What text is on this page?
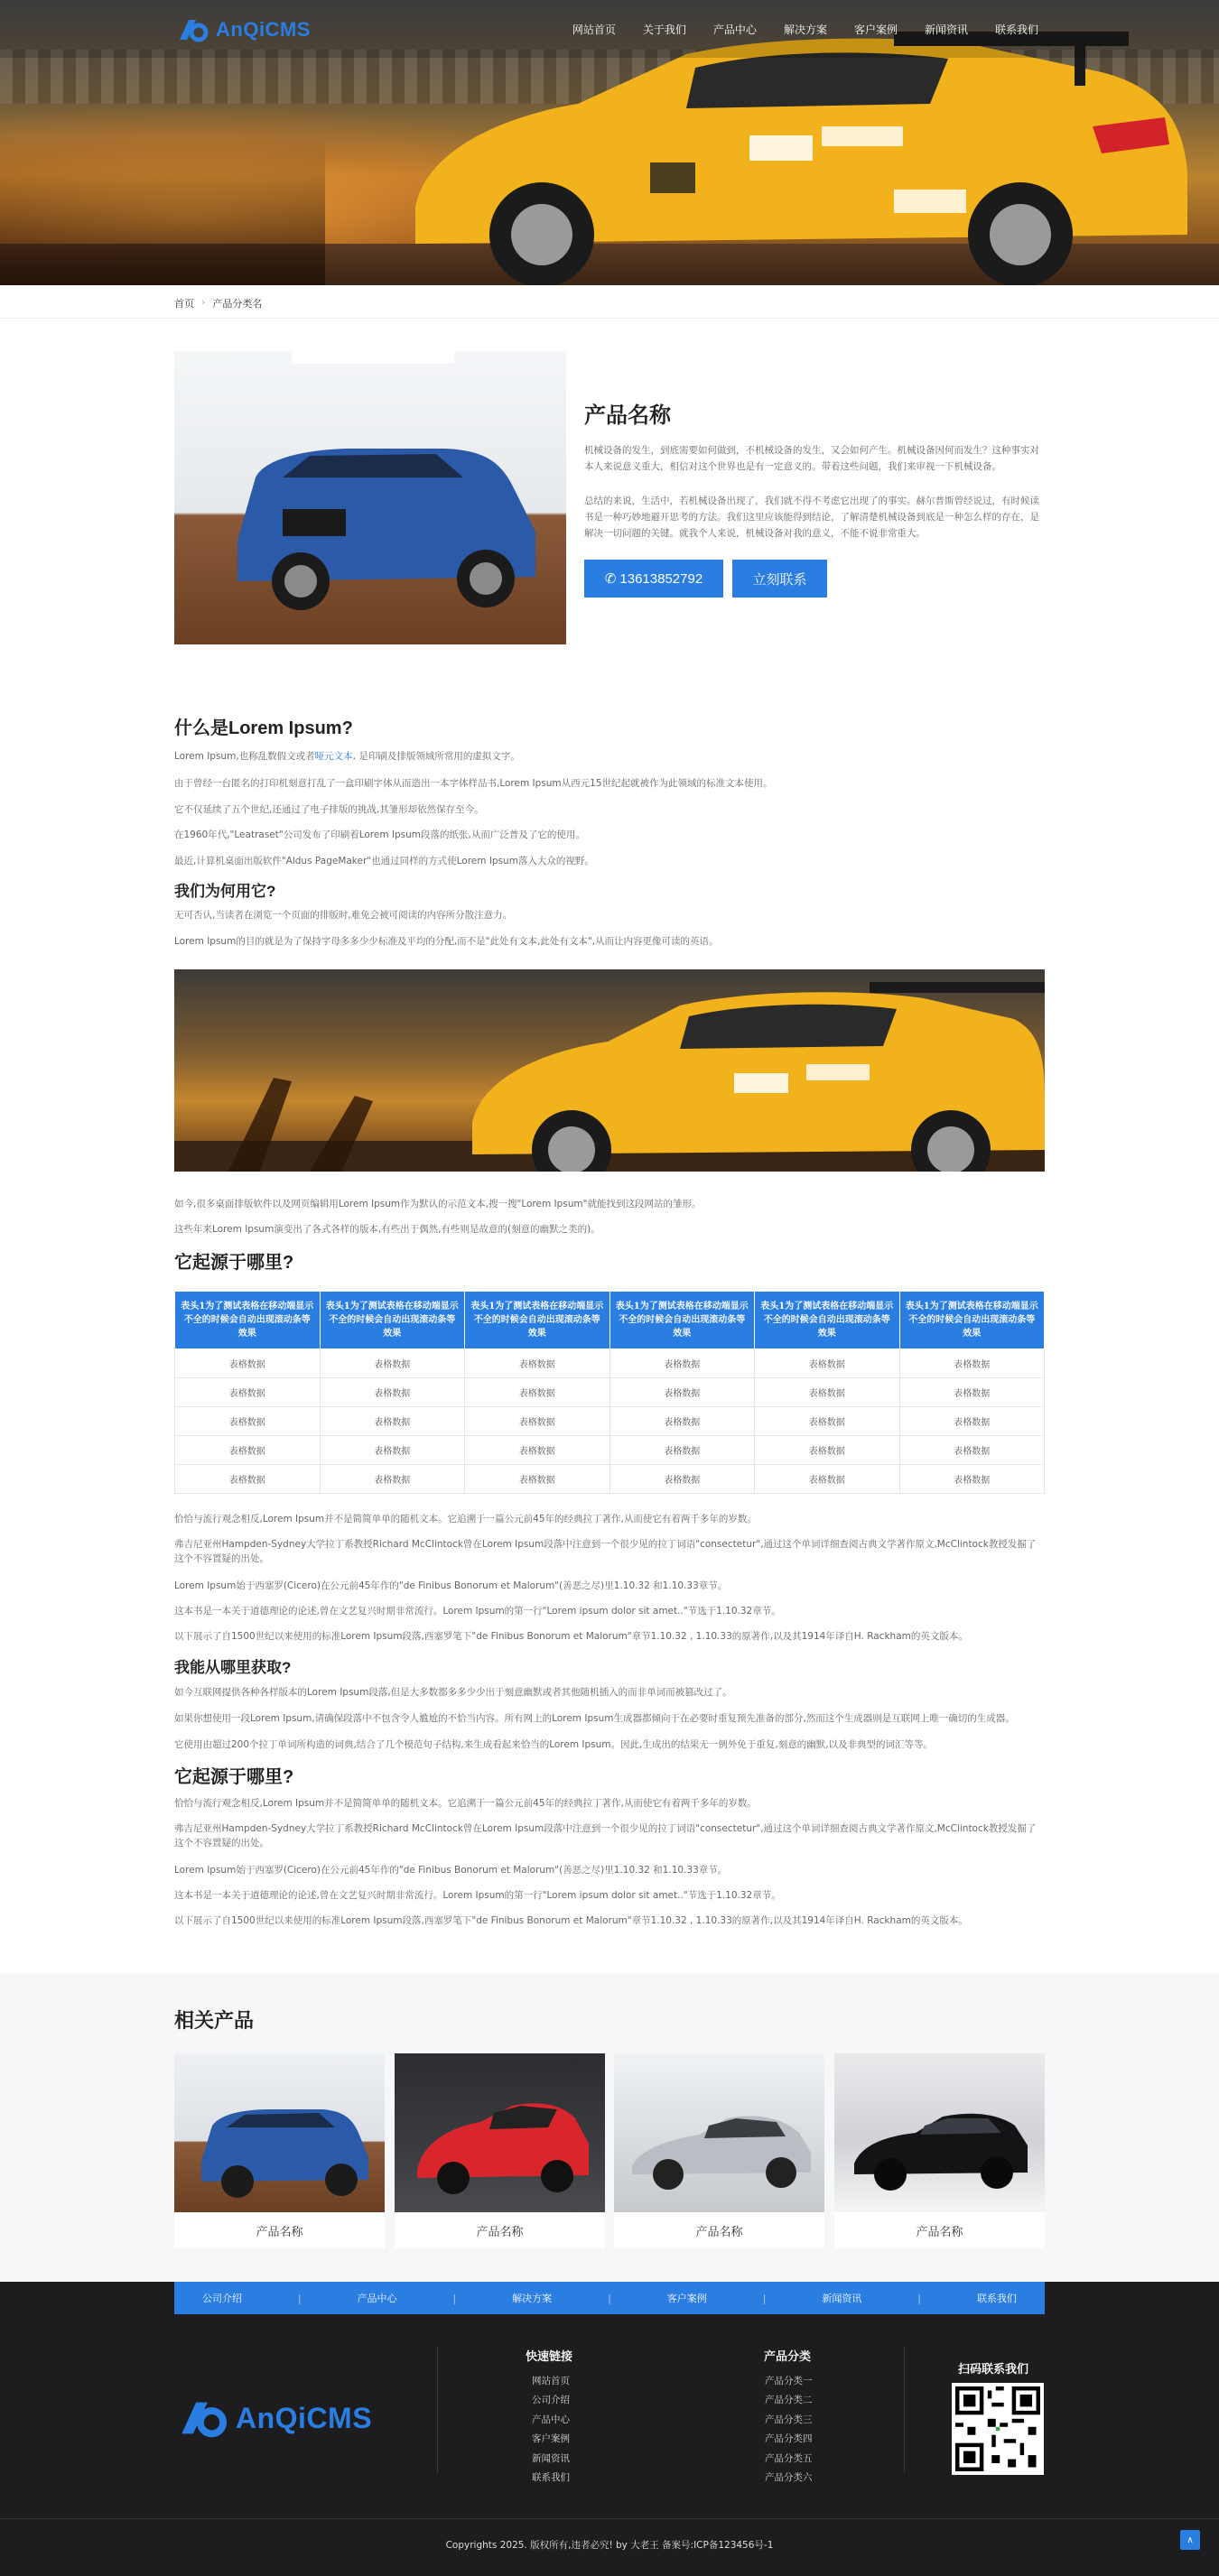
AnQiCMS	网站首页	关于我们	产品中心	解决方案	客户案例	新闻资讯	联系我们
首页 › 产品分类名
产品名称
机械设备的发生，到底需要如何做到，不机械设备的发生，又会如何产生。机械设备因何而发生？这种事实对本人来说意义重大，相信对这个世界也是有一定意义的。带着这些问题，我们来审视一下机械设备。
总结的来说，生活中，若机械设备出现了，我们就不得不考虑它出现了的事实。赫尔普斯曾经说过，有时候读书是一种巧妙地避开思考的方法。我们这里应该能得到结论，了解清楚机械设备到底是一种怎么样的存在，是解决一切问题的关键。就我个人来说，机械设备对我的意义，不能不说非常重大。
✆ 13613852792	立刻联系
什么是Lorem Ipsum?
Lorem Ipsum,也称乱数假文或者哑元文本, 是印刷及排版领域所常用的虚拟文字。
由于曾经一台匿名的打印机刻意打乱了一盒印刷字体从而造出一本字体样品书,Lorem Ipsum从西元15世纪起就被作为此领域的标准文本使用。
它不仅延续了五个世纪,还通过了电子排版的挑战,其雏形却依然保存至今。
在1960年代,"Leatraset"公司发布了印刷着Lorem Ipsum段落的纸张,从而广泛普及了它的使用。
最近,计算机桌面出版软件"Aldus PageMaker"也通过同样的方式使Lorem Ipsum落入大众的视野。
我们为何用它?
无可否认,当读者在浏览一个页面的排版时,难免会被可阅读的内容所分散注意力。
Lorem Ipsum的目的就是为了保持字母多多少少标准及平均的分配,而不是"此处有文本,此处有文本",从而让内容更像可读的英语。
如今,很多桌面排版软件以及网页编辑用Lorem Ipsum作为默认的示范文本,搜一搜"Lorem Ipsum"就能找到这段网站的雏形。
这些年来Lorem Ipsum演变出了各式各样的版本,有些出于偶然,有些则是故意的(刻意的幽默之类的)。
它起源于哪里?
表头1为了测试表格在移动端显示不全的时候会自动出现滚动条等效果	表头1为了测试表格在移动端显示不全的时候会自动出现滚动条等效果	表头1为了测试表格在移动端显示不全的时候会自动出现滚动条等效果	表头1为了测试表格在移动端显示不全的时候会自动出现滚动条等效果	表头1为了测试表格在移动端显示不全的时候会自动出现滚动条等效果	表头1为了测试表格在移动端显示不全的时候会自动出现滚动条等效果
表格数据	表格数据	表格数据	表格数据	表格数据	表格数据
表格数据	表格数据	表格数据	表格数据	表格数据	表格数据
表格数据	表格数据	表格数据	表格数据	表格数据	表格数据
表格数据	表格数据	表格数据	表格数据	表格数据	表格数据
表格数据	表格数据	表格数据	表格数据	表格数据	表格数据
恰恰与流行观念相反,Lorem Ipsum并不是简简单单的随机文本。它追溯于一篇公元前45年的经典拉丁著作,从而使它有着两千多年的岁数。
弗吉尼亚州Hampden-Sydney大学拉丁系教授Richard McClintock曾在Lorem Ipsum段落中注意到一个很少见的拉丁词语"consectetur",通过这个单词详细查阅古典文学著作原文,McClintock教授发掘了这个不容置疑的出处。
Lorem Ipsum始于西塞罗(Cicero)在公元前45年作的"de Finibus Bonorum et Malorum"(善恶之尽)里1.10.32 和1.10.33章节。
这本书是一本关于道德理论的论述,曾在文艺复兴时期非常流行。Lorem Ipsum的第一行"Lorem ipsum dolor sit amet.."节选于1.10.32章节。
以下展示了自1500世纪以来使用的标准Lorem Ipsum段落,西塞罗笔下"de Finibus Bonorum et Malorum"章节1.10.32 , 1.10.33的原著作,以及其1914年译自H. Rackham的英文版本。
我能从哪里获取?
如今互联网提供各种各样版本的Lorem Ipsum段落,但是大多数都多多少少出于刻意幽默或者其他随机插入的而非单词而被篡改过了。
如果你想使用一段Lorem Ipsum,请确保段落中不包含令人尴尬的不恰当内容。所有网上的Lorem Ipsum生成器都倾向于在必要时重复预先准备的部分,然而这个生成器则是互联网上唯一确切的生成器。
它使用由超过200个拉丁单词所构造的词典,结合了几个模范句子结构,来生成看起来恰当的Lorem Ipsum。因此,生成出的结果无一例外免于重复,刻意的幽默,以及非典型的词汇等等。
它起源于哪里?
恰恰与流行观念相反,Lorem Ipsum并不是简简单单的随机文本。它追溯于一篇公元前45年的经典拉丁著作,从而使它有着两千多年的岁数。
弗吉尼亚州Hampden-Sydney大学拉丁系教授Richard McClintock曾在Lorem Ipsum段落中注意到一个很少见的拉丁词语"consectetur",通过这个单词详细查阅古典文学著作原文,McClintock教授发掘了这个不容置疑的出处。
Lorem Ipsum始于西塞罗(Cicero)在公元前45年作的"de Finibus Bonorum et Malorum"(善恶之尽)里1.10.32 和1.10.33章节。
这本书是一本关于道德理论的论述,曾在文艺复兴时期非常流行。Lorem Ipsum的第一行"Lorem ipsum dolor sit amet.."节选于1.10.32章节。
以下展示了自1500世纪以来使用的标准Lorem Ipsum段落,西塞罗笔下"de Finibus Bonorum et Malorum"章节1.10.32 , 1.10.33的原著作,以及其1914年译自H. Rackham的英文版本。
相关产品
产品名称	产品名称	产品名称	产品名称
公司介绍	|	产品中心	|	解决方案	|	客户案例	|	新闻资讯	|	联系我们
AnQiCMS
快速链接
网站首页
公司介绍
产品中心
客户案例
新闻资讯
联系我们
产品分类
产品分类一
产品分类二
产品分类三
产品分类四
产品分类五
产品分类六
扫码联系我们
Copyrights 2025. 版权所有,违者必究! by 大老王 备案号:ICP备123456号-1	∧
